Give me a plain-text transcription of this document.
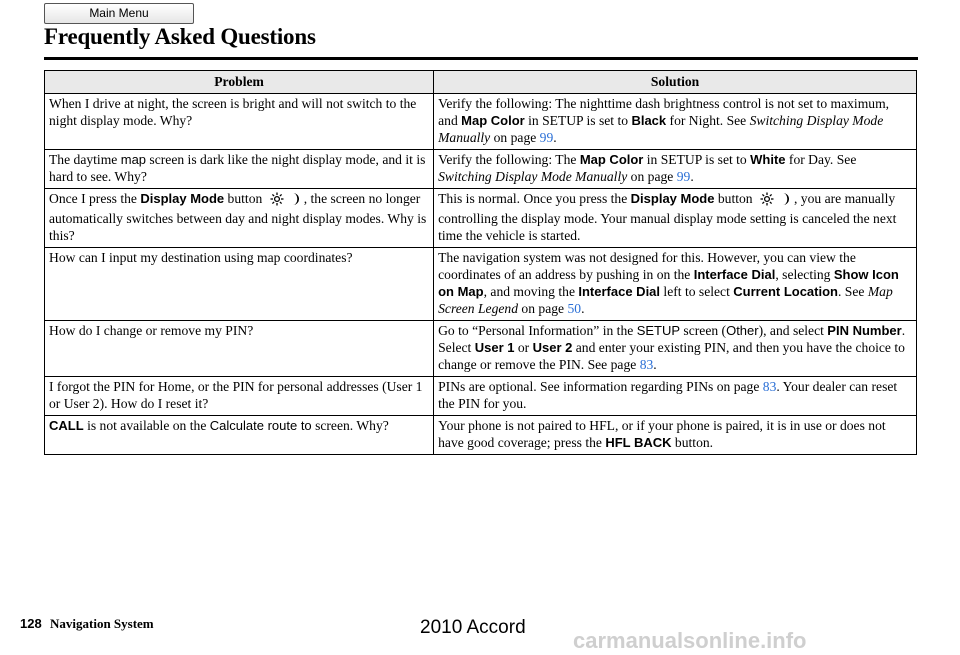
Main Menu
Frequently Asked Questions
Problem	Solution
When I drive at night, the screen is bright and will not switch to the night display mode. Why?	Verify the following: The nighttime dash brightness control is not set to maximum, and Map Color in SETUP is set to Black for Night. See Switching Display Mode Manually on page 99.
The daytime map screen is dark like the night display mode, and it is hard to see. Why?	Verify the following: The Map Color in SETUP is set to White for Day. See Switching Display Mode Manually on page 99.
Once I press the Display Mode button , the screen no longer automatically switches between day and night display modes. Why is this?	This is normal. Once you press the Display Mode button , you are manually controlling the display mode. Your manual display mode setting is canceled the next time the vehicle is started.
How can I input my destination using map coordinates?	The navigation system was not designed for this. However, you can view the coordinates of an address by pushing in on the Interface Dial, selecting Show Icon on Map, and moving the Interface Dial left to select Current Location. See Map Screen Legend on page 50.
How do I change or remove my PIN?	Go to “Personal Information” in the SETUP screen (Other), and select PIN Number. Select User 1 or User 2 and enter your existing PIN, and then you have the choice to change or remove the PIN. See page 83.
I forgot the PIN for Home, or the PIN for personal addresses (User 1 or User 2). How do I reset it?	PINs are optional. See information regarding PINs on page 83. Your dealer can reset the PIN for you.
CALL is not available on the Calculate route to screen. Why?	Your phone is not paired to HFL, or if your phone is paired, it is in use or does not have good coverage; press the HFL BACK button.
128 Navigation System	2010 Accord
carmanualsonline.info
